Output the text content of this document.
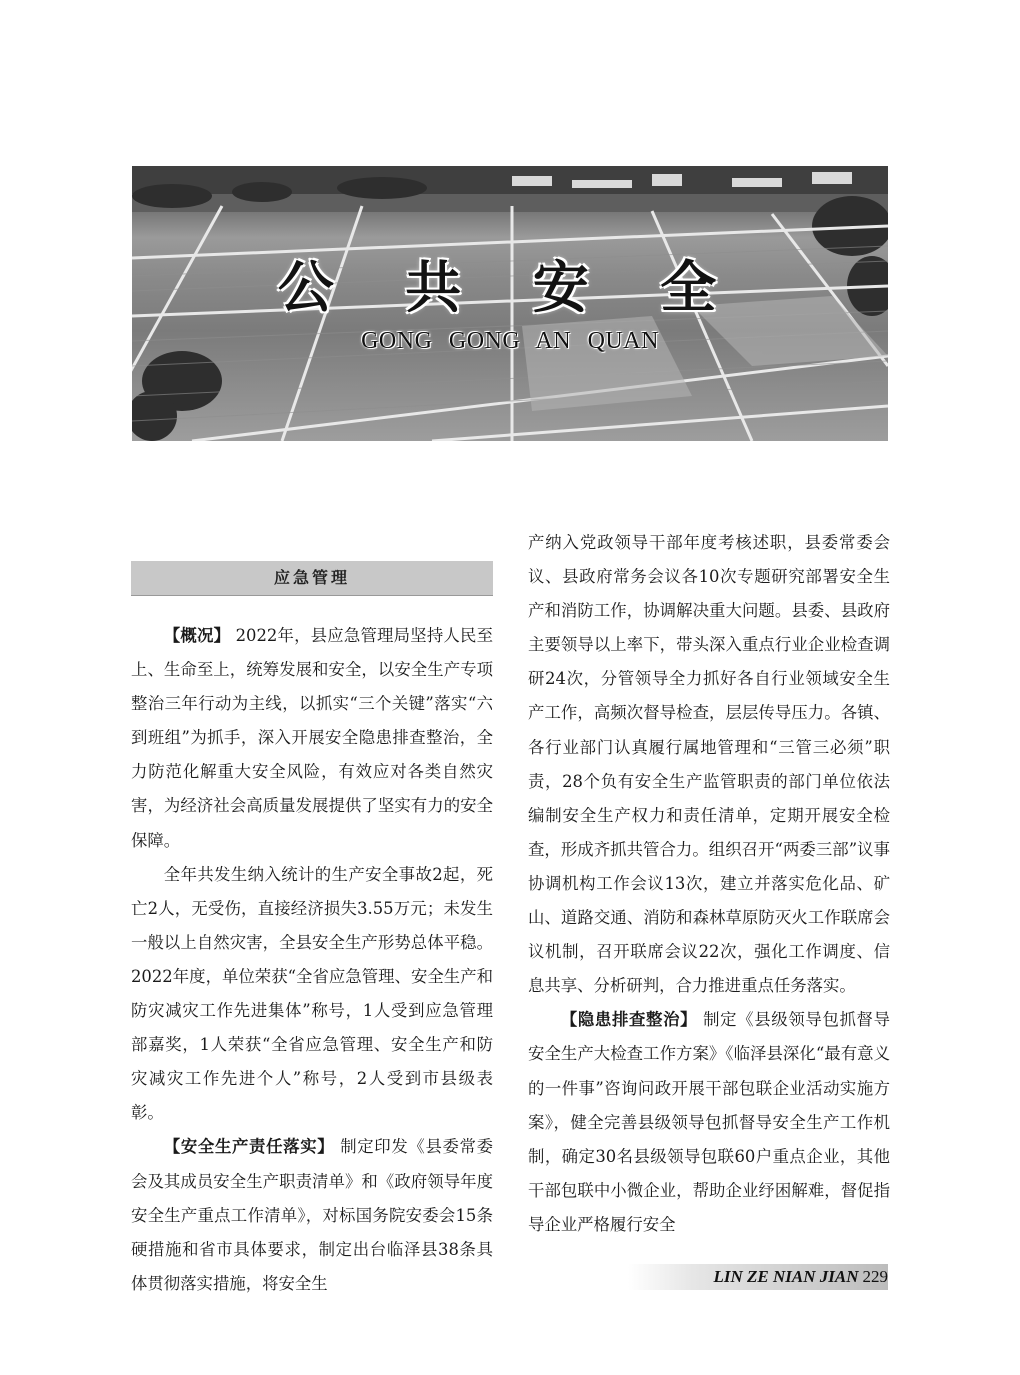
公 共 安 全
GONG GONG AN QUAN
应急管理

【概况】 2022年，县应急管理局坚持人民至上、生命至上，统筹发展和安全，以安全生产专项整治三年行动为主线，以抓实“三个关键”落实“六到班组”为抓手，深入开展安全隐患排查整治，全力防范化解重大安全风险，有效应对各类自然灾害，为经济社会高质量发展提供了坚实有力的安全保障。

全年共发生纳入统计的生产安全事故2起，死亡2人，无受伤，直接经济损失3.55万元；未发生一般以上自然灾害，全县安全生产形势总体平稳。2022年度，单位荣获“全省应急管理、安全生产和防灾减灾工作先进集体”称号，1人受到应急管理部嘉奖，1人荣获“全省应急管理、安全生产和防灾减灾工作先进个人”称号，2人受到市县级表彰。

【安全生产责任落实】 制定印发《县委常委会及其成员安全生产职责清单》和《政府领导年度安全生产重点工作清单》，对标国务院安委会15条硬措施和省市具体要求，制定出台临泽县38条具体贯彻落实措施，将安全生

产纳入党政领导干部年度考核述职，县委常委会议、县政府常务会议各10次专题研究部署安全生产和消防工作，协调解决重大问题。县委、县政府主要领导以上率下，带头深入重点行业企业检查调研24次，分管领导全力抓好各自行业领域安全生产工作，高频次督导检查，层层传导压力。各镇、各行业部门认真履行属地管理和“三管三必须”职责，28个负有安全生产监管职责的部门单位依法编制安全生产权力和责任清单，定期开展安全检查，形成齐抓共管合力。组织召开“两委三部”议事协调机构工作会议13次，建立并落实危化品、矿山、道路交通、消防和森林草原防灭火工作联席会议机制，召开联席会议22次，强化工作调度、信息共享、分析研判，合力推进重点任务落实。

【隐患排查整治】 制定《县级领导包抓督导安全生产大检查工作方案》《临泽县深化“最有意义的一件事”咨询问政开展干部包联企业活动实施方案》，健全完善县级领导包抓督导安全生产工作机制，确定30名县级领导包联60户重点企业，其他干部包联中小微企业，帮助企业纾困解难，督促指导企业严格履行安全

LIN ZE NIAN JIAN 229
